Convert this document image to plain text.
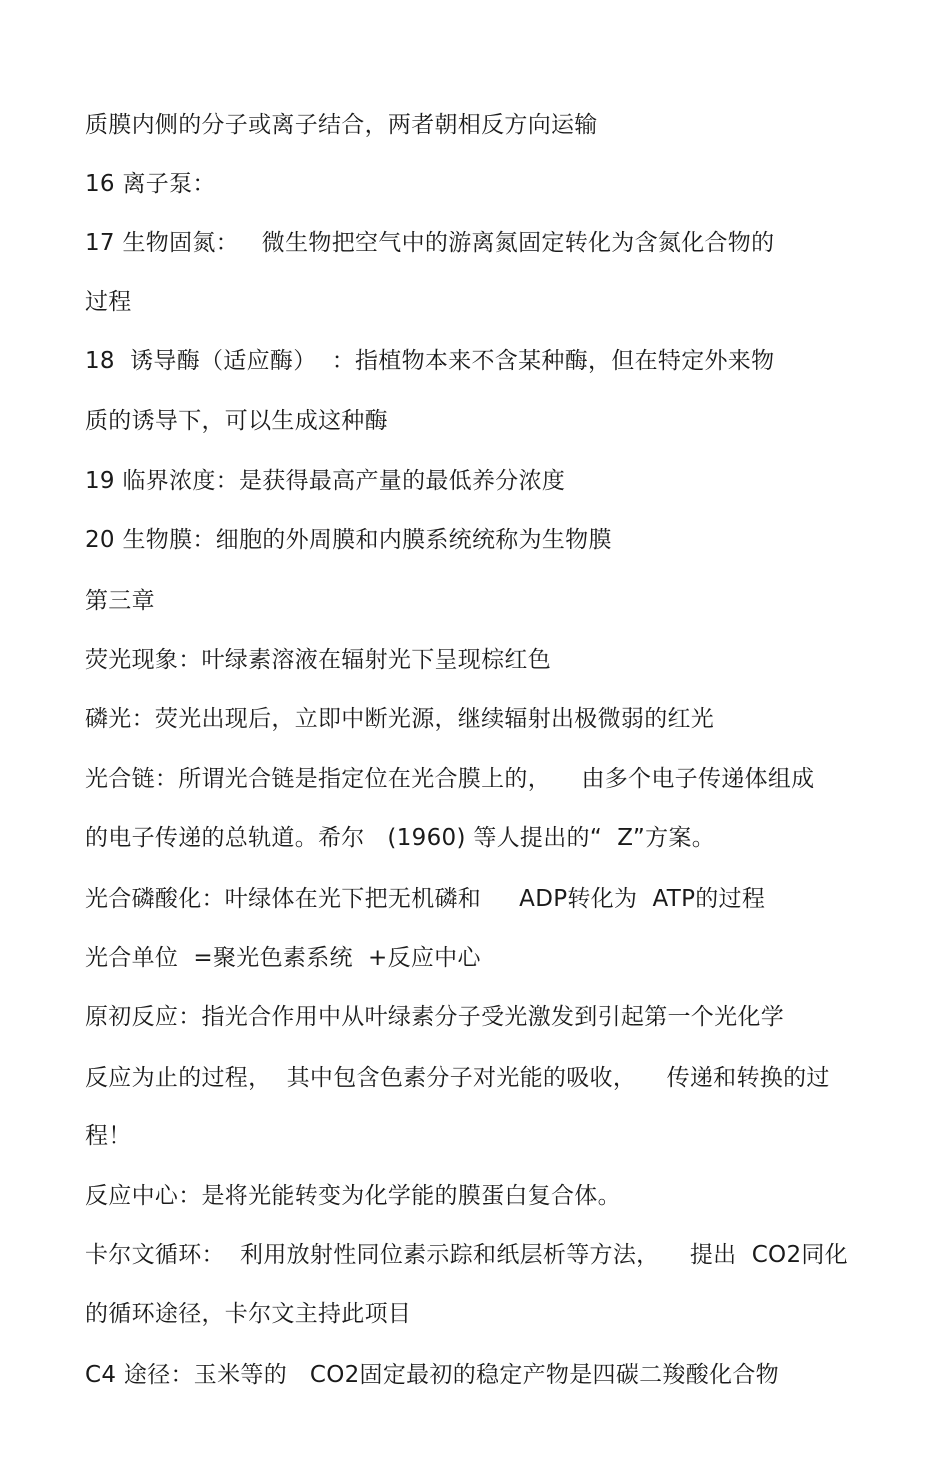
质膜内侧的分子或离子结合，两者朝相反方向运输
16 离子泵：
17 生物固氮：   微生物把空气中的游离氮固定转化为含氮化合物的
过程
18  诱导酶（适应酶）  ：指植物本来不含某种酶，但在特定外来物
质的诱导下，可以生成这种酶
19 临界浓度：是获得最高产量的最低养分浓度
20 生物膜：细胞的外周膜和内膜系统统称为生物膜
第三章
荧光现象：叶绿素溶液在辐射光下呈现棕红色
磷光：荧光出现后，立即中断光源，继续辐射出极微弱的红光
光合链：所谓光合链是指定位在光合膜上的，    由多个电子传递体组成
的电子传递的总轨道。希尔   (1960) 等人提出的“  Z”方案。
光合磷酸化：叶绿体在光下把无机磷和     ADP转化为  ATP的过程
光合单位  =聚光色素系统  +反应中心
原初反应：指光合作用中从叶绿素分子受光激发到引起第一个光化学
反应为止的过程，  其中包含色素分子对光能的吸收，    传递和转换的过
程！
反应中心：是将光能转变为化学能的膜蛋白复合体。
卡尔文循环：  利用放射性同位素示踪和纸层析等方法，    提出  CO2同化
的循环途径，卡尔文主持此项目
C4 途径：玉米等的   CO2固定最初的稳定产物是四碳二羧酸化合物
